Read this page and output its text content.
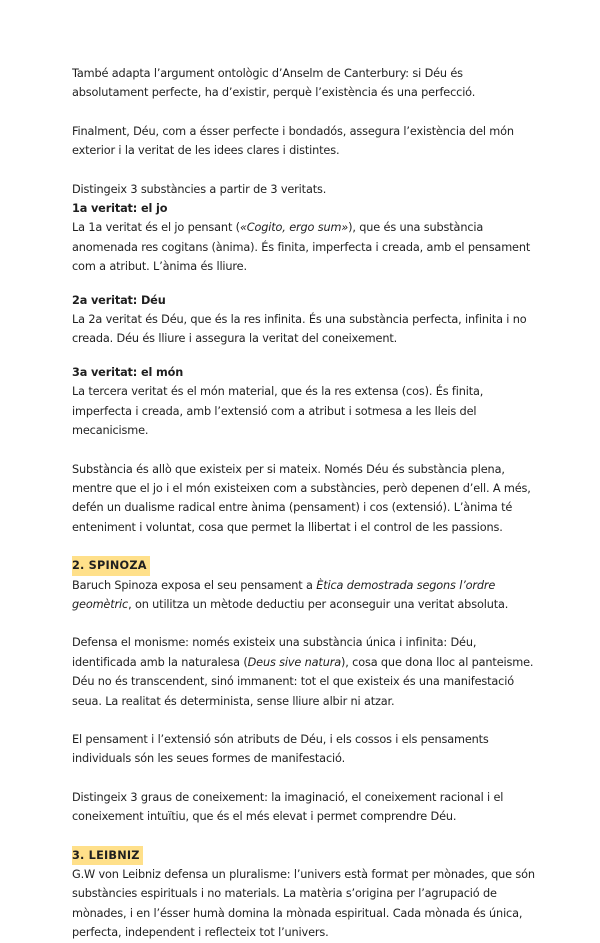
També adapta l’argument ontològic d’Anselm de Canterbury: si Déu és absolutament perfecte, ha d’existir, perquè l’existència és una perfecció.

Finalment, Déu, com a ésser perfecte i bondadós, assegura l’existència del món exterior i la veritat de les idees clares i distintes.

Distingeix 3 substàncies a partir de 3 veritats.

1a veritat: el jo

La 1a veritat és el jo pensant («Cogito, ergo sum»), que és una substància anomenada res cogitans (ànima). És finita, imperfecta i creada, amb el pensament com a atribut. L’ànima és lliure.

2a veritat: Déu

La 2a veritat és Déu, que és la res infinita. És una substància perfecta, infinita i no creada. Déu és lliure i assegura la veritat del coneixement.

3a veritat: el món

La tercera veritat és el món material, que és la res extensa (cos). És finita, imperfecta i creada, amb l’extensió com a atribut i sotmesa a les lleis del mecanicisme.

Substància és allò que existeix per si mateix. Només Déu és substància plena, mentre que el jo i el món existeixen com a substàncies, però depenen d’ell. A més, defén un dualisme radical entre ànima (pensament) i cos (extensió). L’ànima té enteniment i voluntat, cosa que permet la llibertat i el control de les passions.

2. SPINOZA

Baruch Spinoza exposa el seu pensament a Ètica demostrada segons l’ordre geomètric, on utilitza un mètode deductiu per aconseguir una veritat absoluta.

Defensa el monisme: només existeix una substància única i infinita: Déu, identificada amb la naturalesa (Deus sive natura), cosa que dona lloc al panteisme. Déu no és transcendent, sinó immanent: tot el que existeix és una manifestació seua. La realitat és determinista, sense lliure albir ni atzar.

El pensament i l’extensió són atributs de Déu, i els cossos i els pensaments individuals són les seues formes de manifestació.

Distingeix 3 graus de coneixement: la imaginació, el coneixement racional i el coneixement intuïtiu, que és el més elevat i permet comprendre Déu.

3. LEIBNIZ

G.W von Leibniz defensa un pluralisme: l’univers està format per mònades, que són substàncies espirituals i no materials. La matèria s’origina per l’agrupació de mònades, i en l’ésser humà domina la mònada espiritual. Cada mònada és única, perfecta, independent i reflecteix tot l’univers.
